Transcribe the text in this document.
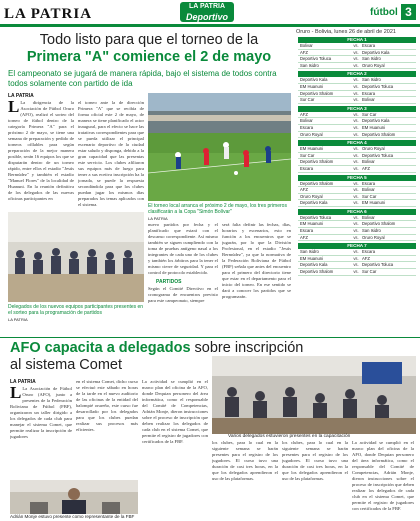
LA PATRIA	LA PATRIA
Deportivo	fútbol 3
Oruro - Bolivia, lunes 26 de abril de 2021
Todo listo para que el torneo de la
Primera "A" comience el 2 de mayo
El campeonato se jugará de manera rápida, bajo el sistema de todos contra todos solamente con partido de ida
LA PATRIA
L La dirigencia de la Asociación de Fútbol Oruro (AFO), realizó el sorteo del torneo de fútbol dentro de la categoría Primera "A" para el próximo 2 de mayo, se tiene una semana de preparación y pedido de torneos ofílables para según preparación de la mejor manera posible, serán 16 equipos los que se disputarán dentro de un torneo rápido, entre ellos el estadio "Jesús Bermúdez" y también el estadio "Manuel Flores" de la localidad de Huanuni. En la reunión definitiva de los delegados de las nuevas oficinas participantes en
el torneo ante la de dirección Primera "A" que se recibía de forma oficial este 2 de mayo, de manera se tiene planificado el actor inaugural, para el efecto se hace las tratativas correspondientes para que se pueda utilizar el principal escenario deportivo de la ciudad estar saludo y disponga, debido a la gran capacidad que las presentas este servicio. Los clubes afiliaron sus equipos más de luego para tener a sus ecetiva inscripción ha la jornada, se puede la respuesta secondándola para que los clubes puedan jugar los mismos días preparados los temas aplicados con el sistema.	El torneo local arranca el próximo 2 de mayo, los tres primeros clasificarán a la Copa "Simón Bolívar"
LA PATRIA
Delegados de los nuevos equipos participantes presentes en el sorteo para la programación de partidos
LA PATRIA
nuevo partidos por fecha y el planificado que estará con el descanso correspondiente. Así mismo también se siguen cumpliendo con la toma de pruebas antígeno nasal a los integrantes de cada uno de los clubes y también los árbitros para la tener el mismo cierre de seguridad. Y para el control de protocolo establecido.
PARTIDOS
Según el Comité Directivo en el cronograma de encuentros previsto para este campeonato, siempre
será falta definir las fechas, días, horarios y escenarios, esto en función a los encuentros que se jugarán, por lo que la División Profesional, en el estadio "Jesús Bermúdez", ya que la normativa de la Federación Boliviana de Fútbol (FBF) señala que antes del encuentro para el primero del directorio tiene que estar en el departamento para el inicio del torneo. En ese sentido se dará a conocer los partidos que se programarán.
FECHA 1
Bolivar	vs. Escara
AFZ	vs. Deportivo Kala
Deportivo Toluca	vs. San Isidro
San Isidro	vs. Oruro Royal
FECHA 2
Deportivo Kala	vs. San Isidro
EM Huanuni	vs. Deportivo Toluca
Deportivo Shalom	vs. Escara
Sur Car	vs. Bolivar
FECHA 3
AFZ	vs. Sur Car
Bolivar	vs. Deportivo Kala
Escara	vs. EM Huanuni
Oruro Royal	vs. Deportivo Shalom
FECHA 4
EM Huanuni	vs. Oruro Royal
Sur Car	vs. Deportivo Toluca
Deportivo Shalom	vs. Bolivar
Escara	vs. AFZ
FECHA 5
Deportivo Shalom	vs. Escara
AFZ	vs. Bolivar
Oruro Royal	vs. Sur Car
Deportivo Kala	vs. EM Huanuni
FECHA 6
Deportivo Toluca	vs. Bolivar
EM Huanuni	vs. Deportivo Shalom
Escara	vs. San Isidro
AFZ	vs. Oruro Royal
FECHA 7
San Isidro	vs. Escara
EM Huanuni	vs. AFZ
Deportivo Kala	vs. Deportivo Toluca
Deportivo Shalom	vs. Sur Car
AFO capacita a delegados sobre inscripción al sistema Comet
LA PATRIA
L La Asociación de Fútbol Oruro (AFO), junto a presentes de la Federación Boliviana de Fútbol (FBF), organizaron un taller dirigido a los delegados de cada club para manejar el sistema Comet, que permite realizar la inscripción de jugadores
en el sistema Comet, dicho curso se efectuó este sábado en horas de la tarde en el nuevo auditorio de las oficinas de la entidad del balompié orureño, este curso fue desarrollado por los delegados para que los clubes puedan realizar sus procesos más eficientes.
La actividad se cumplió en el marco plan del oficina de la AFO, donde Dequian personero del área informática, como el responsable del Comité de Competencias, Adrián Monje, dieron instrucciones sobre el proceso de inscripción que deben realizar los delegados de cada club en el sistema Comet, que permite el registro de jugadores con certificados de la FBF.	los clubes, para lo cual en la siguiente semana se harán presentes para el registro de los jugadores. El curso tuvo una duración de casi tres horas, en la que los delegados aprendieron el uso de las plataformas.
los clubes, para lo cual en la siguiente semana se harán presentes para el registro de los jugadores. El curso tuvo una duración de casi tres horas, en la que los delegados aprendieron el uso de las plataformas.
La actividad se cumplió en el marco plan del oficina de la AFO, donde Dequian personero del área informática, como el responsable del Comité de Competencias, Adrián Monje, dieron instrucciones sobre el proceso de inscripción que deben realizar los delegados de cada club en el sistema Comet, que permite el registro de jugadores con certificados de la FBF.
Adrián Monje estuvo presente como representante de la FBF
Varios delegados estuvieron presentes en la capacitación
